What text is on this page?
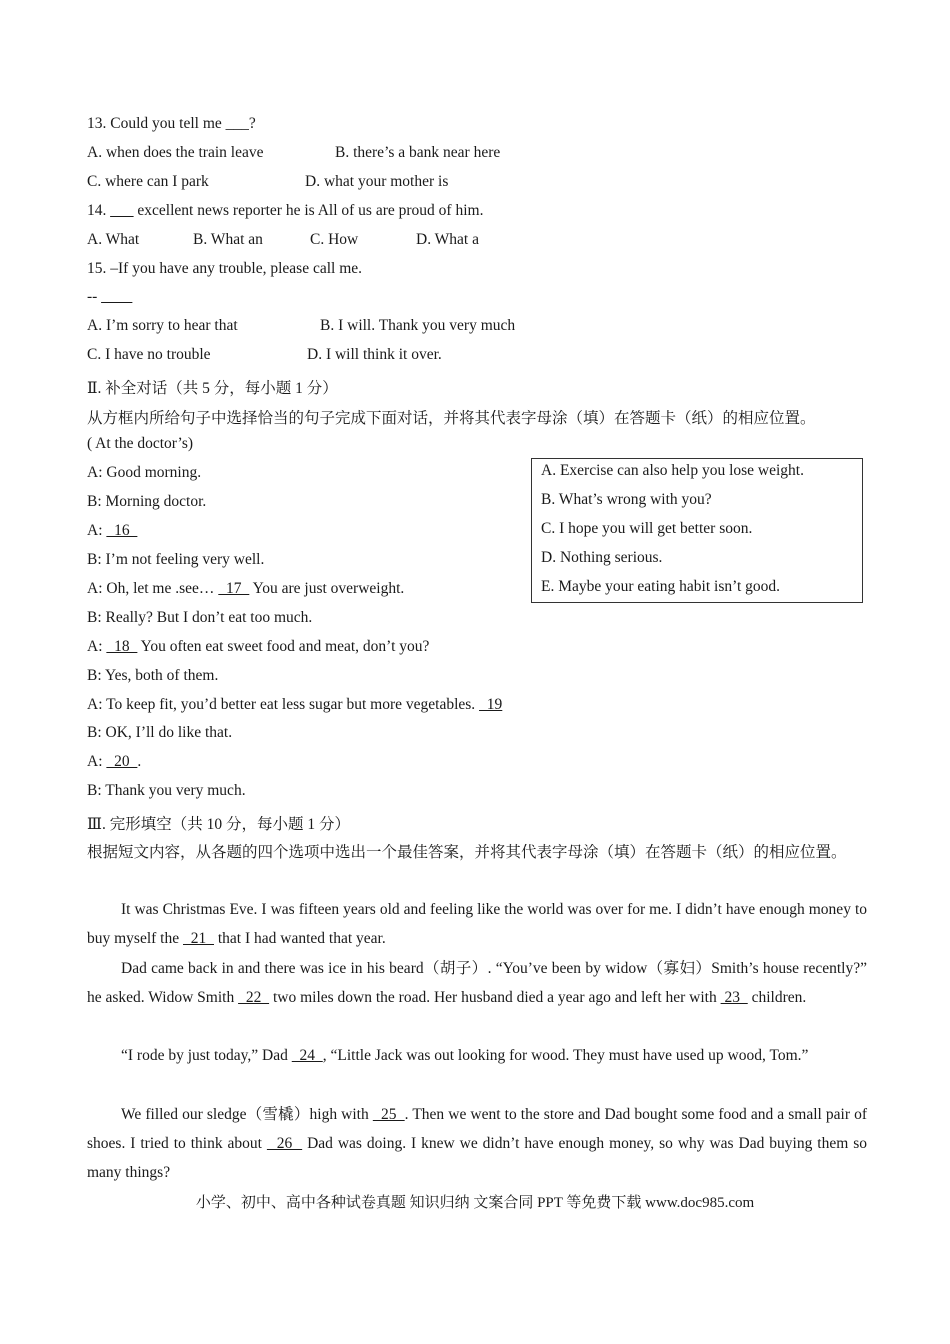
13. Could you tell me ___?
A. when does the train leave	B. there’s a bank near here
C. where can I park	D. what your mother is
14. ___ excellent news reporter he is All of us are proud of him.
A. What	B. What an	C. How	D. What a
15. –If you have any trouble, please call me.
-- ____
A. I’m sorry to hear that	B. I will. Thank you very much
C. I have no trouble	D. I will think it over.
Ⅱ. 补全对话（共 5 分，每小题 1 分）
从方框内所给句子中选择恰当的句子完成下面对话，并将其代表字母涂（填）在答题卡（纸）的相应位置。
( At the doctor’s)
A: Good morning.
B: Morning doctor.
A:   16
B: I’m not feeling very well.
A: Oh, let me .see…   17   You are just overweight.
B: Really? But I don’t eat too much.
A:   18   You often eat sweet food and meat, don’t you?
B: Yes, both of them.
A: To keep fit, you’d better eat less sugar but more vegetables.   19
B: OK, I’ll do like that.
A:   20  .
B: Thank you very much.
A. Exercise can also help you lose weight.
B. What’s wrong with you?
C. I hope you will get better soon.
D. Nothing serious.
E. Maybe your eating habit isn’t good.
Ⅲ. 完形填空（共 10 分，每小题 1 分）
根据短文内容，从各题的四个选项中选出一个最佳答案，并将其代表字母涂（填）在答题卡（纸）的相应位置。
It was Christmas Eve. I was fifteen years old and feeling like the world was over for me. I didn’t have enough money to buy myself the   21   that I had wanted that year.
Dad came back in and there was ice in his beard（胡子）. “You’ve been by widow（寡妇）Smith’s house recently?” he asked. Widow Smith   22   two miles down the road. Her husband died a year ago and left her with  23   children.
“I rode by just today,” Dad   24  , “Little Jack was out looking for wood. They must have used up wood, Tom.”
We filled our sledge（雪橇）high with   25  . Then we went to the store and Dad bought some food and a small pair of shoes. I tried to think about   26   Dad was doing. I knew we didn’t have enough money, so why was Dad buying them so many things?
小学、初中、高中各种试卷真题 知识归纳 文案合同 PPT 等免费下载 www.doc985.com
